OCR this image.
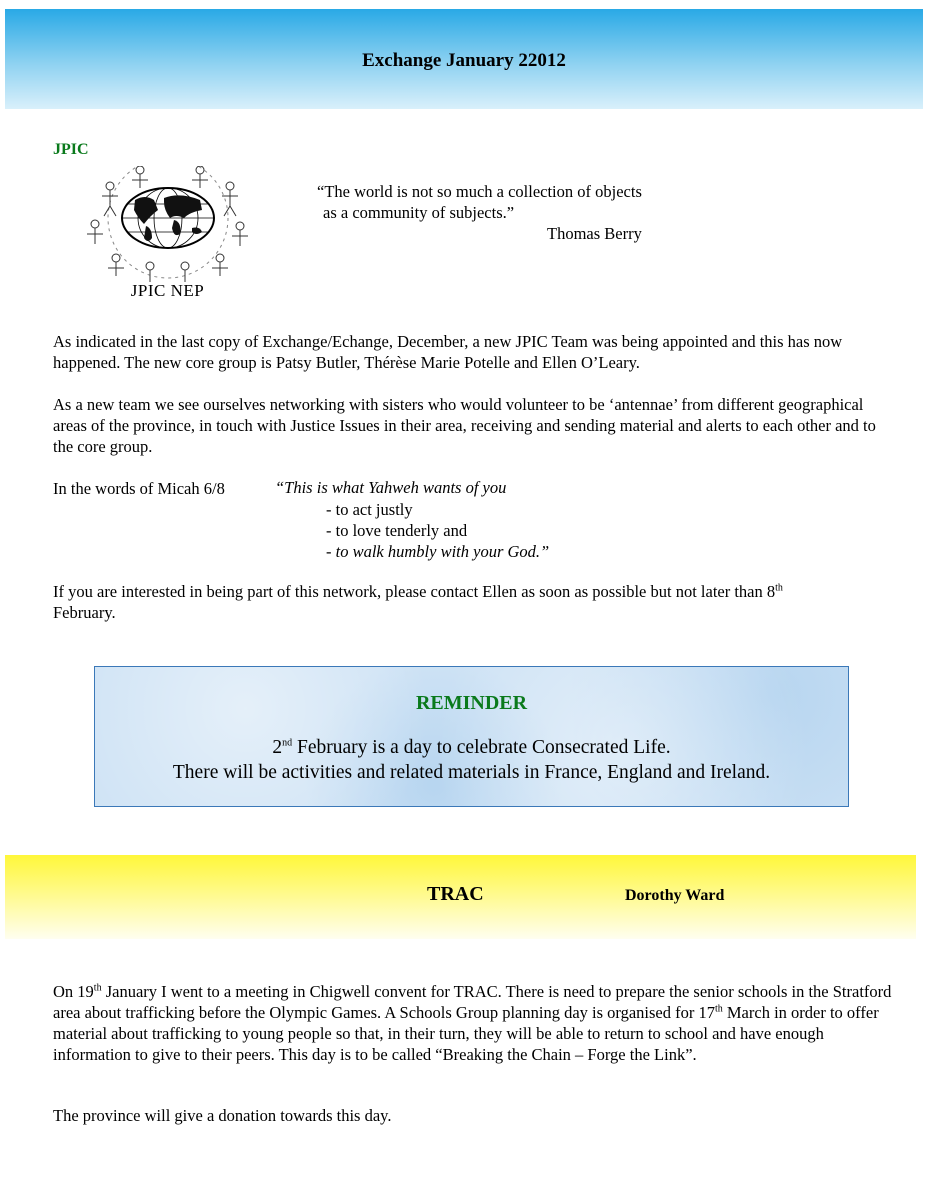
Exchange January 22012
JPIC
JPIC NEP
“The world is not so much a collection of objects
as a community of subjects.”
Thomas Berry
As indicated in the last copy of Exchange/Echange, December, a new JPIC Team was being appointed and this has now happened. The new core group is Patsy Butler, Thérèse Marie Potelle and Ellen O’Leary.
As a new team we see ourselves networking with sisters who would volunteer to be ‘antennae’ from different geographical areas of the province, in touch with Justice Issues in their area, receiving and sending material and alerts to each other and to the core group.
In the words of Micah 6/8	“This is what Yahweh wants of you
- to act justly
- to love tenderly and
- to walk humbly with your God.”
If you are interested in being part of this network, please contact Ellen as soon as possible but not later than 8th
February.
REMINDER
2nd February is a day to celebrate Consecrated Life.
There will be activities and related materials in France, England and Ireland.
TRAC	Dorothy Ward
On 19th January I went to a meeting in Chigwell convent for TRAC. There is need to prepare the senior schools in the Stratford area about trafficking before the Olympic Games. A Schools Group planning day is organised for 17th March in order to offer material about trafficking to young people so that, in their turn, they will be able to return to school and have enough information to give to their peers. This day is to be called “Breaking the Chain – Forge the Link”.
The province will give a donation towards this day.
